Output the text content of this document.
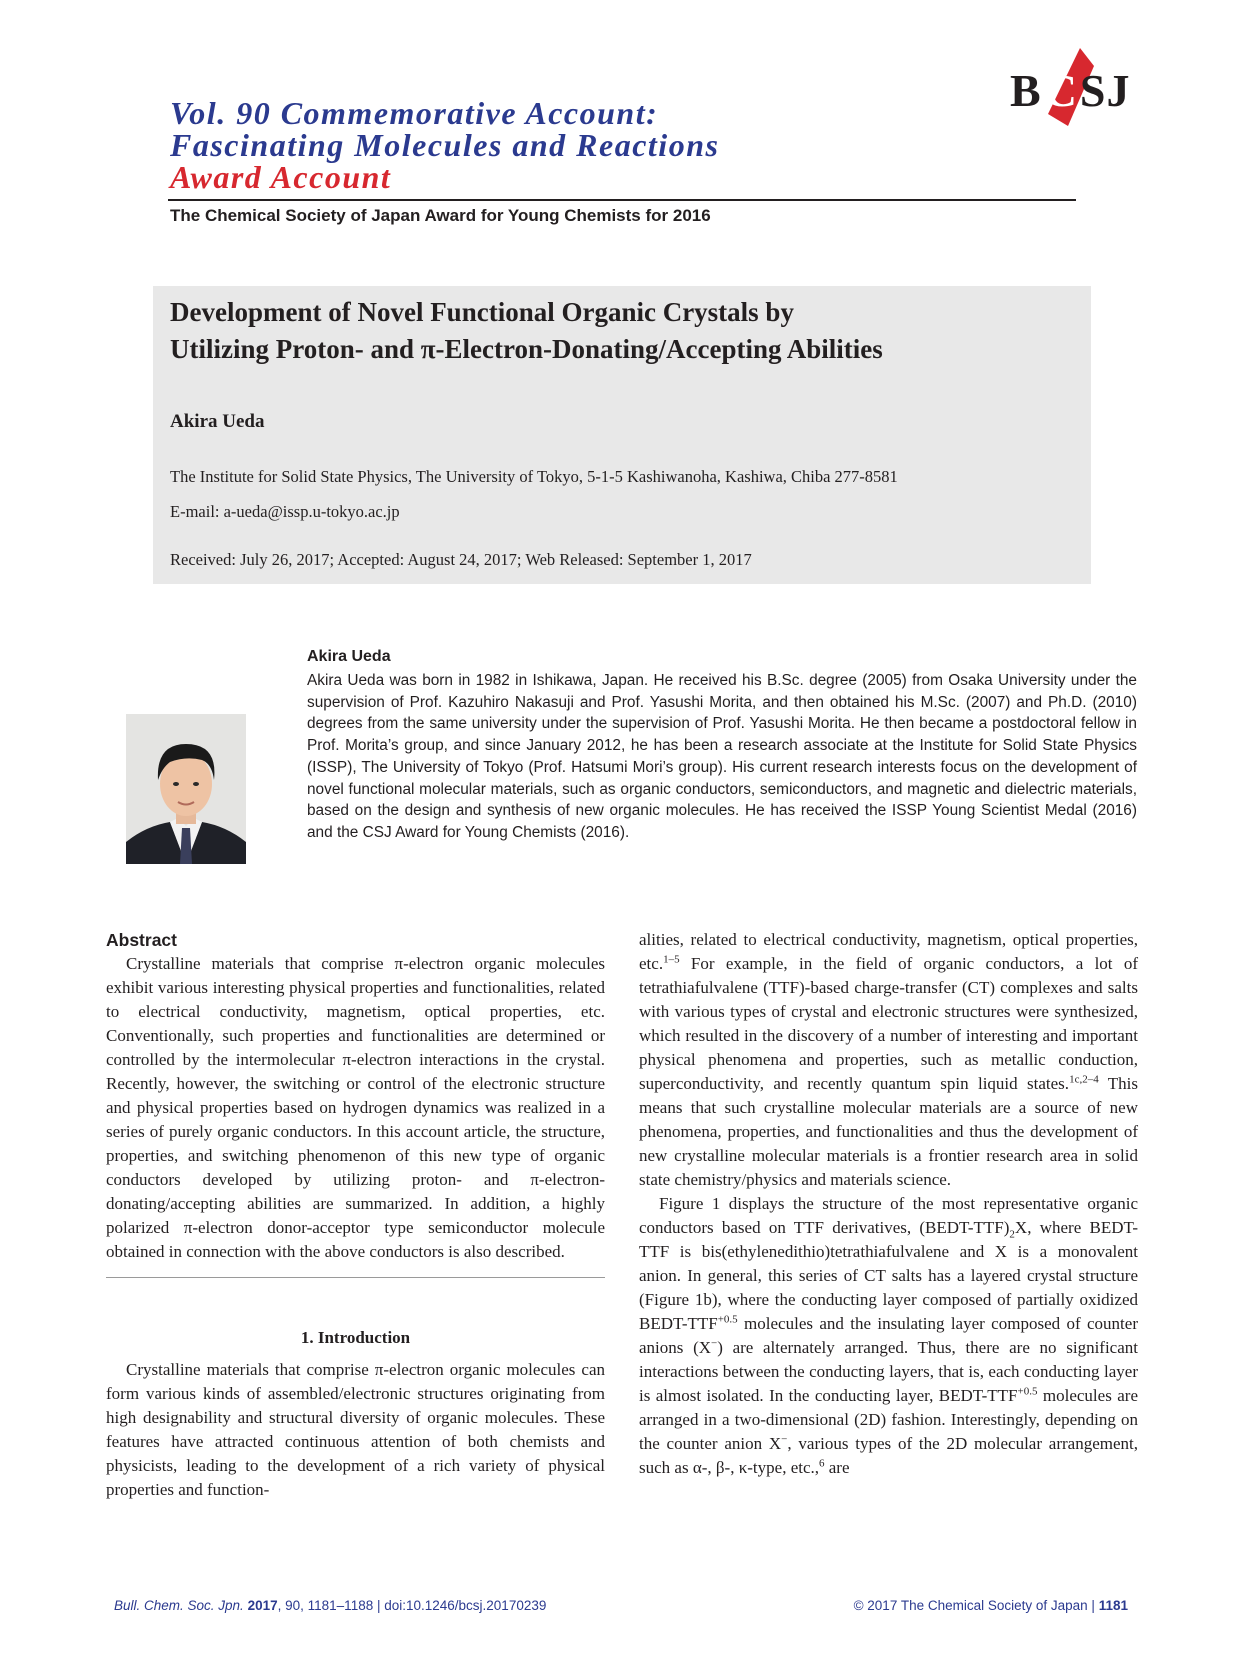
Vol. 90 Commemorative Account:
Fascinating Molecules and Reactions
Award Account
The Chemical Society of Japan Award for Young Chemists for 2016
BCSJ
Development of Novel Functional Organic Crystals by
Utilizing Proton- and π-Electron-Donating/Accepting Abilities
Akira Ueda
The Institute for Solid State Physics, The University of Tokyo, 5-1-5 Kashiwanoha, Kashiwa, Chiba 277-8581
E-mail: a-ueda@issp.u-tokyo.ac.jp
Received: July 26, 2017; Accepted: August 24, 2017; Web Released: September 1, 2017
Akira Ueda
Akira Ueda was born in 1982 in Ishikawa, Japan. He received his B.Sc. degree (2005) from Osaka University under the supervision of Prof. Kazuhiro Nakasuji and Prof. Yasushi Morita, and then obtained his M.Sc. (2007) and Ph.D. (2010) degrees from the same university under the supervision of Prof. Yasushi Morita. He then became a postdoctoral fellow in Prof. Morita’s group, and since January 2012, he has been a research associate at the Institute for Solid State Physics (ISSP), The University of Tokyo (Prof. Hatsumi Mori’s group). His current research interests focus on the development of novel functional molecular materials, such as organic conductors, semiconductors, and magnetic and dielectric materials, based on the design and synthesis of new organic molecules. He has received the ISSP Young Scientist Medal (2016) and the CSJ Award for Young Chemists (2016).
Abstract
Crystalline materials that comprise π-electron organic molecules exhibit various interesting physical properties and functionalities, related to electrical conductivity, magnetism, optical properties, etc. Conventionally, such properties and functionalities are determined or controlled by the intermolecular π-electron interactions in the crystal. Recently, however, the switching or control of the electronic structure and physical properties based on hydrogen dynamics was realized in a series of purely organic conductors. In this account article, the structure, properties, and switching phenomenon of this new type of organic conductors developed by utilizing proton- and π-electron-donating/accepting abilities are summarized. In addition, a highly polarized π-electron donor-acceptor type semiconductor molecule obtained in connection with the above conductors is also described.
1. Introduction
Crystalline materials that comprise π-electron organic molecules can form various kinds of assembled/electronic structures originating from high designability and structural diversity of organic molecules. These features have attracted continuous attention of both chemists and physicists, leading to the development of a rich variety of physical properties and function-
alities, related to electrical conductivity, magnetism, optical properties, etc.$^{1-5}$ For example, in the field of organic conductors, a lot of tetrathiafulvalene (TTF)-based charge-transfer (CT) complexes and salts with various types of crystal and electronic structures were synthesized, which resulted in the discovery of a number of interesting and important physical phenomena and properties, such as metallic conduction, superconductivity, and recently quantum spin liquid states.$^{1c,2-4}$ This means that such crystalline molecular materials are a source of new phenomena, properties, and functionalities and thus the development of new crystalline molecular materials is a frontier research area in solid state chemistry/physics and materials science.
Figure 1 displays the structure of the most representative organic conductors based on TTF derivatives, $(BEDT-TTF)_2X$, where BEDT-TTF is bis(ethylenedithio)tetrathiafulvalene and X is a monovalent anion. In general, this series of CT salts has a layered crystal structure (Figure 1b), where the conducting layer composed of partially oxidized BEDT-$TTF^{+0.5}$ molecules and the insulating layer composed of counter anions (X−) are alternately arranged. Thus, there are no significant interactions between the conducting layers, that is, each conducting layer is almost isolated. In the conducting layer, BEDT-$TTF^{+0.5}$ molecules are arranged in a two-dimensional (2D) fashion. Interestingly, depending on the counter anion X−, various types of the 2D molecular arrangement, such as α-, β-, κ-type, etc.,$^6$ are
Bull. Chem. Soc. Jpn. 2017, 90, 1181–1188 | doi:10.1246/bcsj.20170239	© 2017 The Chemical Society of Japan | 1181
